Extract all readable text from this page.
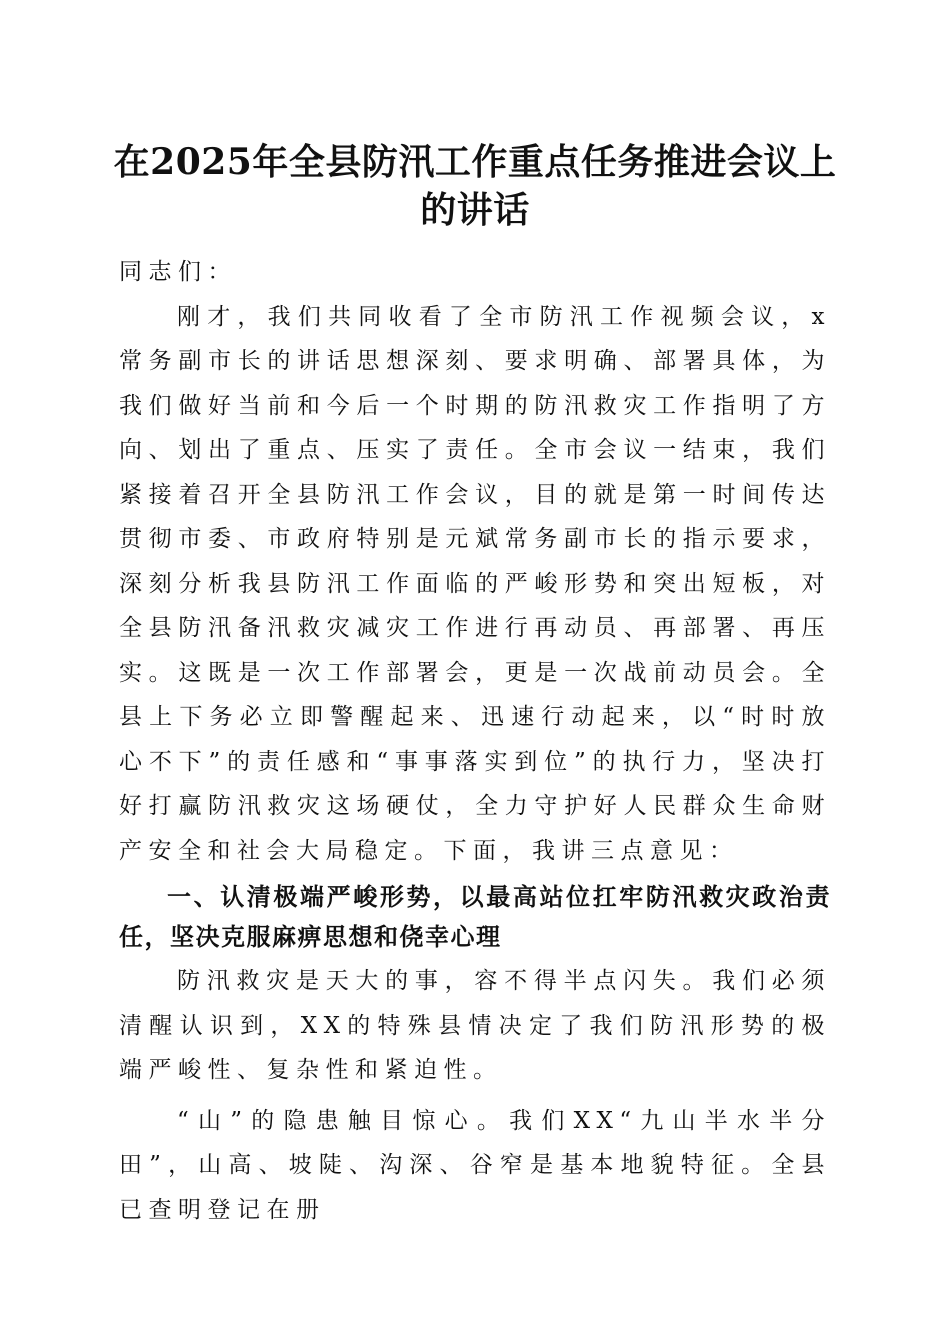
在2025年全县防汛工作重点任务推进会议上的讲话

同志们：

刚才，我们共同收看了全市防汛工作视频会议，x常务副市长的讲话思想深刻、要求明确、部署具体，为我们做好当前和今后一个时期的防汛救灾工作指明了方向、划出了重点、压实了责任。全市会议一结束，我们紧接着召开全县防汛工作会议，目的就是第一时间传达贯彻市委、市政府特别是元斌常务副市长的指示要求，深刻分析我县防汛工作面临的严峻形势和突出短板，对全县防汛备汛救灾减灾工作进行再动员、再部署、再压实。这既是一次工作部署会，更是一次战前动员会。全县上下务必立即警醒起来、迅速行动起来，以“时时放心不下”的责任感和“事事落实到位”的执行力，坚决打好打赢防汛救灾这场硬仗，全力守护好人民群众生命财产安全和社会大局稳定。下面，我讲三点意见：

一、认清极端严峻形势，以最高站位扛牢防汛救灾政治责任，坚决克服麻痹思想和侥幸心理

防汛救灾是天大的事，容不得半点闪失。我们必须清醒认识到，XX的特殊县情决定了我们防汛形势的极端严峻性、复杂性和紧迫性。

“山”的隐患触目惊心。我们XX“九山半水半分田”，山高、坡陡、沟深、谷窄是基本地貌特征。全县已查明登记在册
